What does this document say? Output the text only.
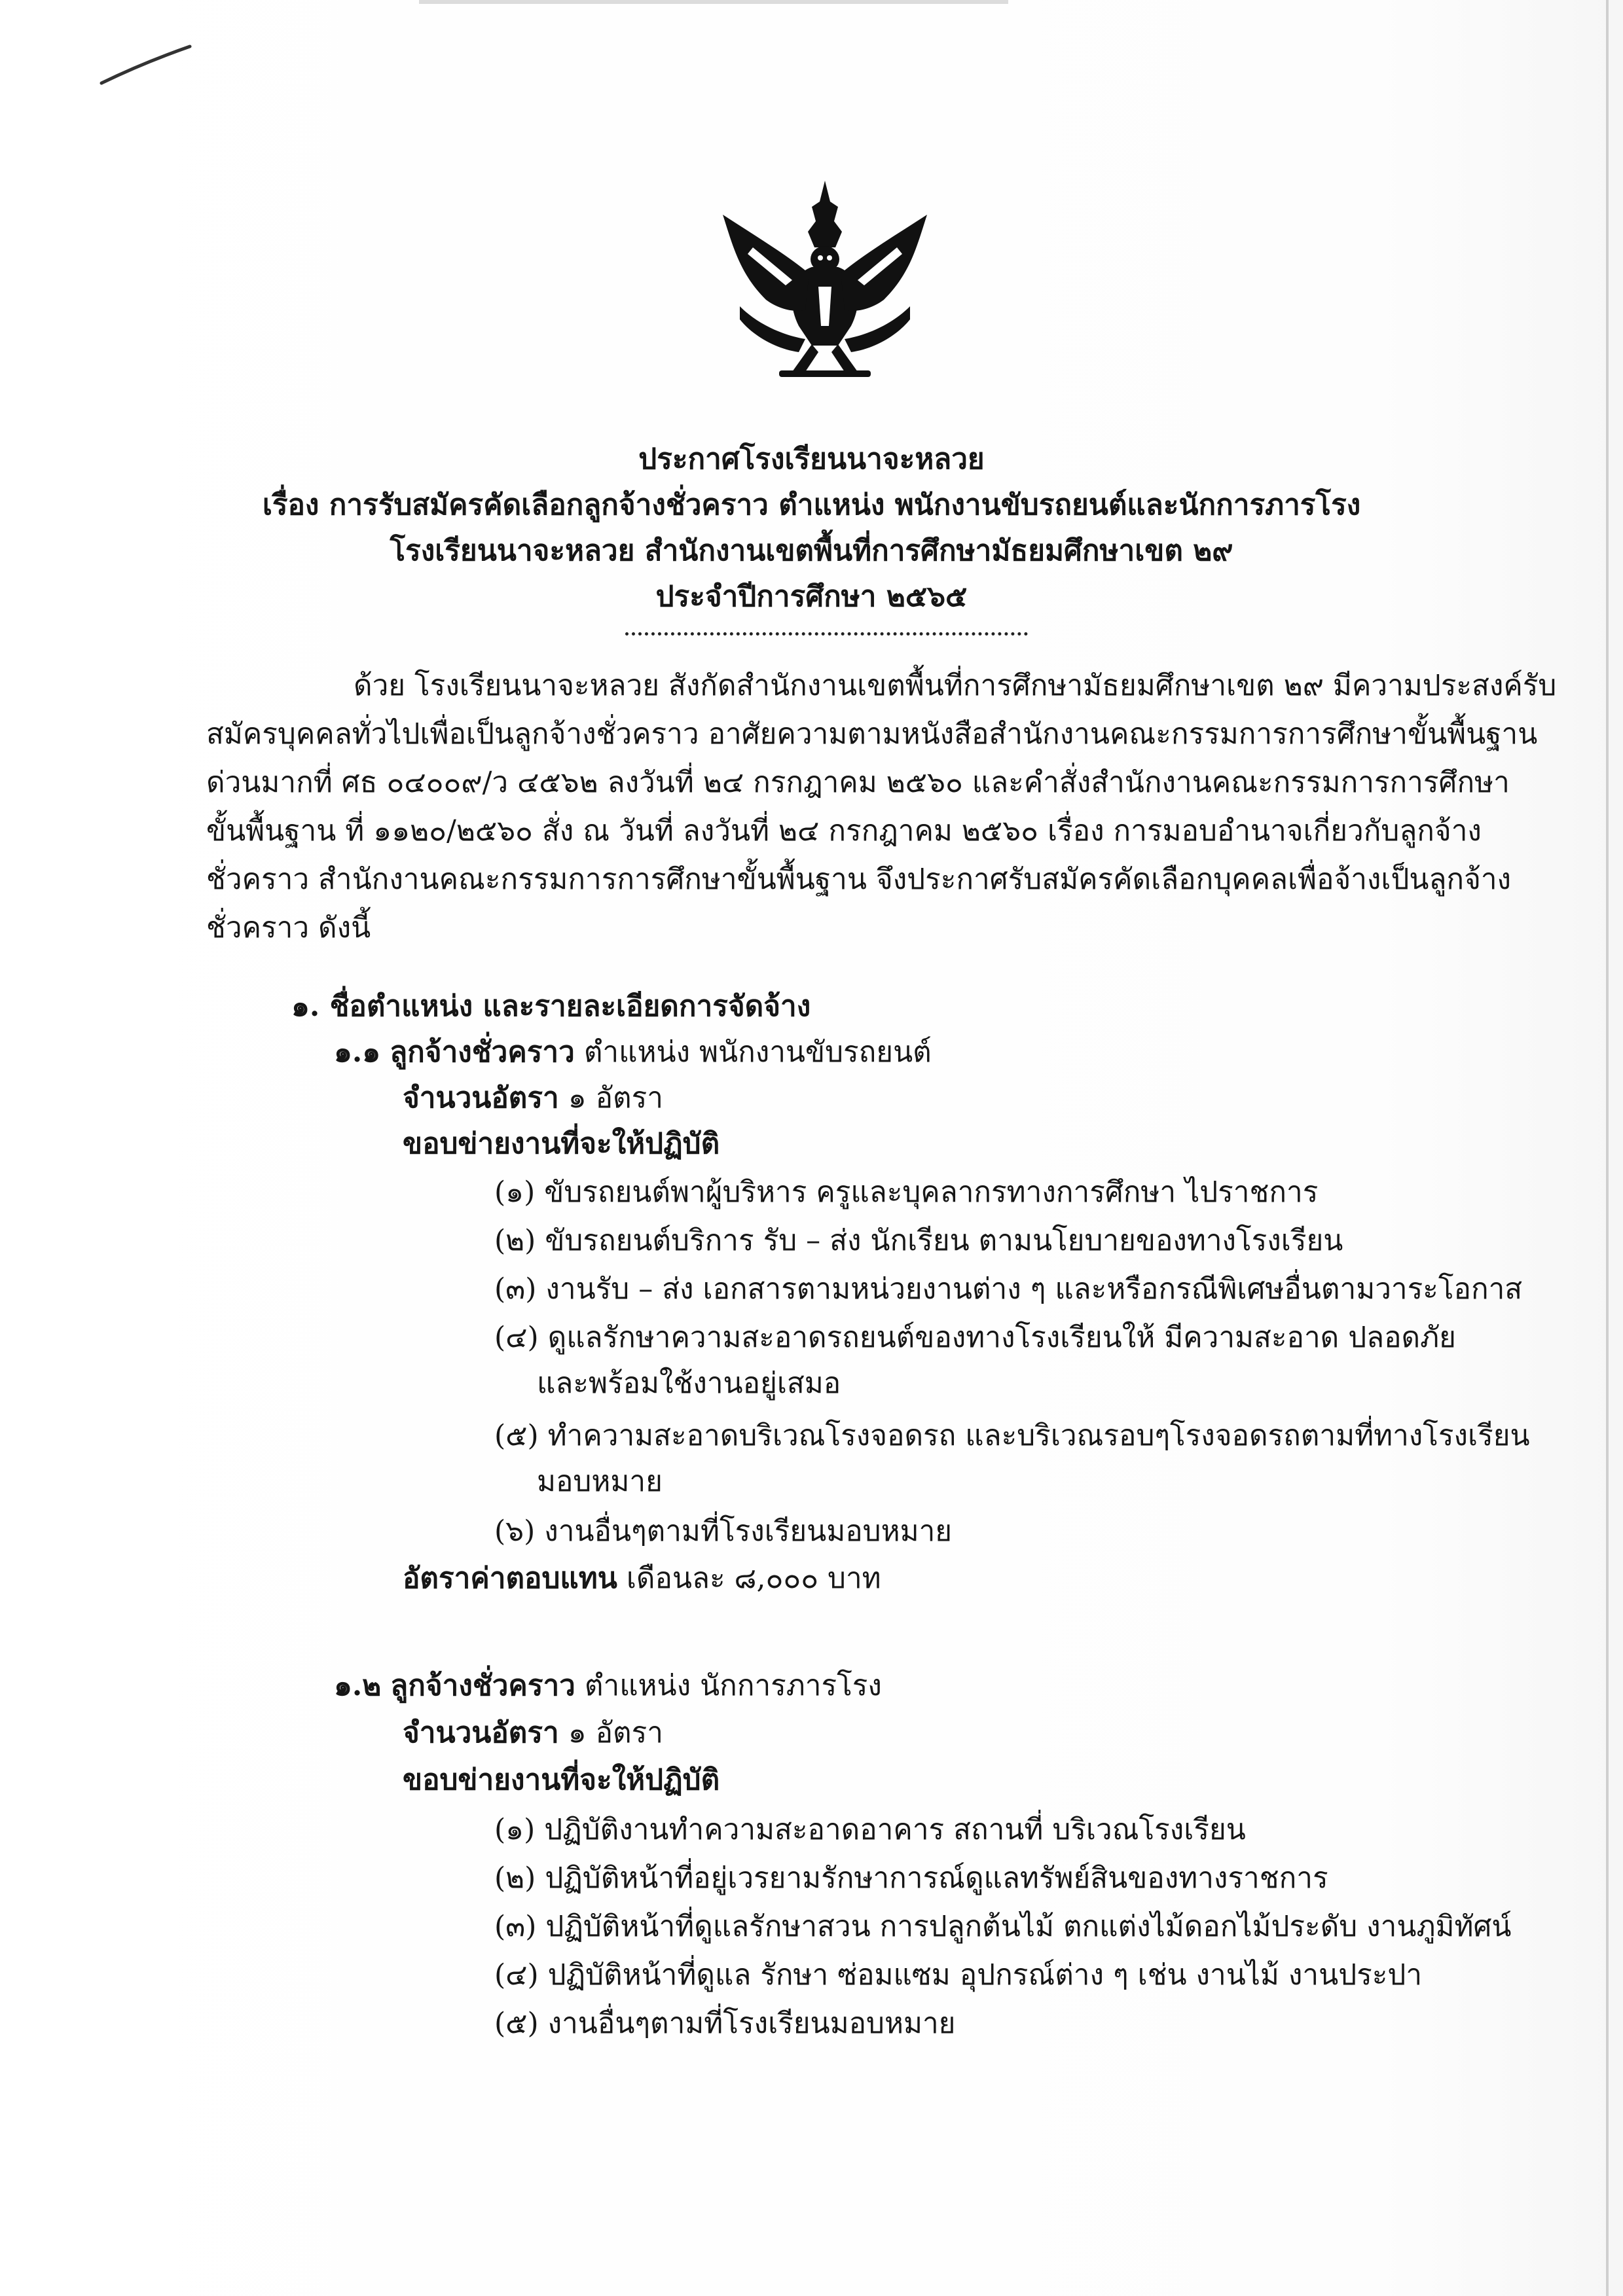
ประกาศโรงเรียนนาจะหลวย
เรื่อง การรับสมัครคัดเลือกลูกจ้างชั่วคราว ตำแหน่ง พนักงานขับรถยนต์และนักการภารโรง
โรงเรียนนาจะหลวย สำนักงานเขตพื้นที่การศึกษามัธยมศึกษาเขต ๒๙
ประจำปีการศึกษา ๒๕๖๕
ด้วย โรงเรียนนาจะหลวย สังกัดสำนักงานเขตพื้นที่การศึกษามัธยมศึกษาเขต ๒๙ มีความประสงค์รับ
สมัครบุคคลทั่วไปเพื่อเป็นลูกจ้างชั่วคราว อาศัยความตามหนังสือสำนักงานคณะกรรมการการศึกษาขั้นพื้นฐาน
ด่วนมากที่ ศธ ๐๔๐๐๙/ว ๔๕๖๒ ลงวันที่ ๒๔ กรกฎาคม ๒๕๖๐ และคำสั่งสำนักงานคณะกรรมการการศึกษา
ขั้นพื้นฐาน ที่ ๑๑๒๐/๒๕๖๐ สั่ง ณ วันที่ ลงวันที่ ๒๔ กรกฎาคม ๒๕๖๐ เรื่อง การมอบอำนาจเกี่ยวกับลูกจ้าง
ชั่วคราว สำนักงานคณะกรรมการการศึกษาขั้นพื้นฐาน จึงประกาศรับสมัครคัดเลือกบุคคลเพื่อจ้างเป็นลูกจ้าง
ชั่วคราว ดังนี้
๑. ชื่อตำแหน่ง และรายละเอียดการจัดจ้าง
๑.๑ ลูกจ้างชั่วคราว ตำแหน่ง พนักงานขับรถยนต์
จำนวนอัตรา ๑ อัตรา
ขอบข่ายงานที่จะให้ปฏิบัติ
(๑) ขับรถยนต์พาผู้บริหาร ครูและบุคลากรทางการศึกษา ไปราชการ
(๒) ขับรถยนต์บริการ รับ – ส่ง นักเรียน ตามนโยบายของทางโรงเรียน
(๓) งานรับ – ส่ง เอกสารตามหน่วยงานต่าง ๆ และหรือกรณีพิเศษอื่นตามวาระโอกาส
(๔) ดูแลรักษาความสะอาดรถยนต์ของทางโรงเรียนให้ มีความสะอาด ปลอดภัย
และพร้อมใช้งานอยู่เสมอ
(๕) ทำความสะอาดบริเวณโรงจอดรถ และบริเวณรอบๆโรงจอดรถตามที่ทางโรงเรียน
มอบหมาย
(๖) งานอื่นๆตามที่โรงเรียนมอบหมาย
อัตราค่าตอบแทน เดือนละ ๘,๐๐๐ บาท
๑.๒ ลูกจ้างชั่วคราว ตำแหน่ง นักการภารโรง
จำนวนอัตรา ๑ อัตรา
ขอบข่ายงานที่จะให้ปฏิบัติ
(๑) ปฏิบัติงานทำความสะอาดอาคาร สถานที่ บริเวณโรงเรียน
(๒) ปฏิบัติหน้าที่อยู่เวรยามรักษาการณ์ดูแลทรัพย์สินของทางราชการ
(๓) ปฏิบัติหน้าที่ดูแลรักษาสวน การปลูกต้นไม้ ตกแต่งไม้ดอกไม้ประดับ งานภูมิทัศน์
(๔) ปฏิบัติหน้าที่ดูแล รักษา ซ่อมแซม อุปกรณ์ต่าง ๆ เช่น งานไม้ งานประปา
(๕) งานอื่นๆตามที่โรงเรียนมอบหมาย
